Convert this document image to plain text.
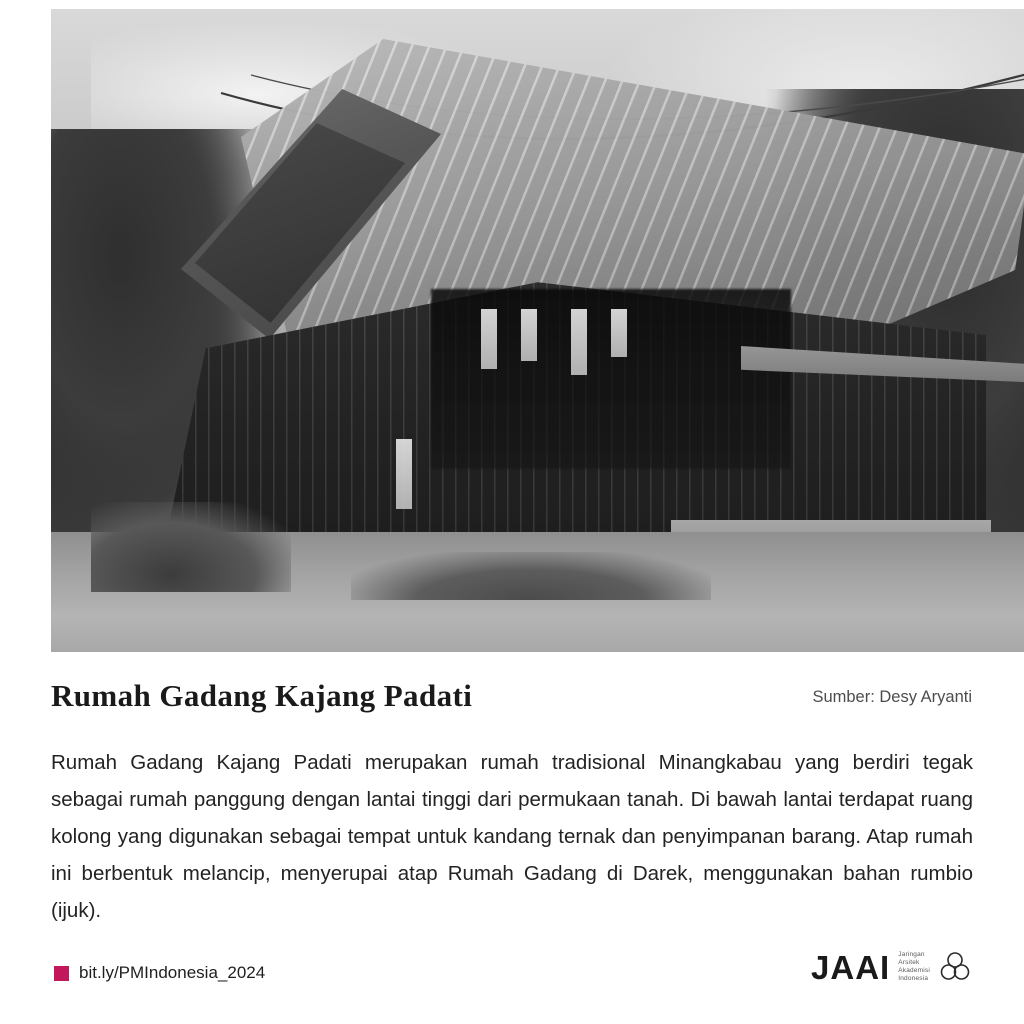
Rumah Gadang Kajang Padati	Sumber: Desy Aryanti

Rumah Gadang Kajang Padati merupakan rumah tradisional Minangkabau yang berdiri tegak sebagai rumah panggung dengan lantai tinggi dari permukaan tanah. Di bawah lantai terdapat ruang kolong yang digunakan sebagai tempat untuk kandang ternak dan penyimpanan barang. Atap rumah ini berbentuk melancip, menyerupai atap Rumah Gadang di Darek, menggunakan bahan rumbio (ijuk).

bit.ly/PMIndonesia_2024	JAAI Jaringan
Arsitek
Akademisi
Indonesia
